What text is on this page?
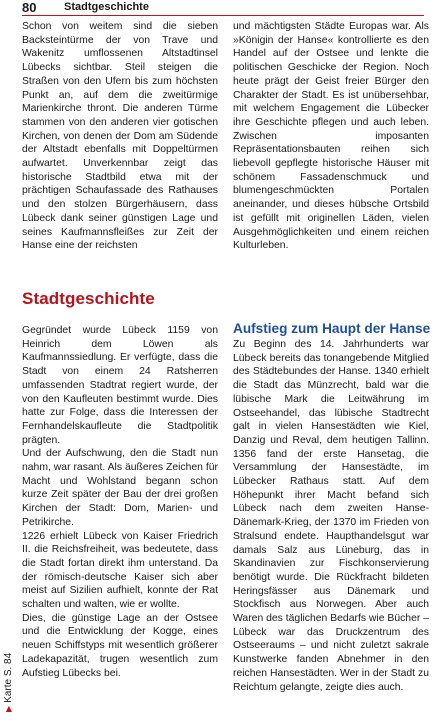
80	Stadtgeschichte

Schon von weitem sind die sieben Backsteintürme der von Trave und Wakenitz umflossenen Altstadtinsel Lübecks sichtbar. Steil steigen die Straßen von den Ufern bis zum höchsten Punkt an, auf dem die zweitürmige Marienkirche thront. Die anderen Türme stammen von den anderen vier gotischen Kirchen, von denen der Dom am Südende der Altstadt ebenfalls mit Doppeltürmen aufwartet. Unverkennbar zeigt das historische Stadtbild etwa mit der prächtigen Schaufassade des Rathauses und den stolzen Bürgerhäusern, dass Lübeck dank seiner günstigen Lage und seines Kaufmannsfleißes zur Zeit der Hanse eine der reichsten

und mächtigsten Städte Europas war. Als »Königin der Hanse« kontrollierte es den Handel auf der Ostsee und lenkte die politischen Geschicke der Region. Noch heute prägt der Geist freier Bürger den Charakter der Stadt. Es ist unübersehbar, mit welchem Engagement die Lübecker ihre Geschichte pflegen und auch leben. Zwischen imposanten Repräsentationsbauten reihen sich liebevoll gepflegte historische Häuser mit schönem Fassadenschmuck und blumengeschmückten Portalen aneinander, und dieses hübsche Ortsbild ist gefüllt mit originellen Läden, vielen Ausgehmöglichkeiten und einem reichen Kulturleben.

Stadtgeschichte

Gegründet wurde Lübeck 1159 von Heinrich dem Löwen als Kaufmannssiedlung. Er verfügte, dass die Stadt von einem 24 Ratsherren umfassenden Stadtrat regiert wurde, der von den Kaufleuten bestimmt wurde. Dies hatte zur Folge, dass die Interessen der Fernhandelskaufleute die Stadtpolitik prägten.

Und der Aufschwung, den die Stadt nun nahm, war rasant. Als äußeres Zeichen für Macht und Wohlstand begann schon kurze Zeit später der Bau der drei großen Kirchen der Stadt: Dom, Marien- und Petrikirche.

1226 erhielt Lübeck von Kaiser Friedrich II. die Reichsfreiheit, was bedeutete, dass die Stadt fortan direkt ihm unterstand. Da der römisch-deutsche Kaiser sich aber meist auf Sizilien aufhielt, konnte der Rat schalten und walten, wie er wollte.

Dies, die günstige Lage an der Ostsee und die Entwicklung der Kogge, eines neuen Schiffstyps mit wesentlich größerer Ladekapazität, trugen wesentlich zum Aufstieg Lübecks bei.

Aufstieg zum Haupt der Hanse

Zu Beginn des 14. Jahrhunderts war Lübeck bereits das tonangebende Mitglied des Städtebundes der Hanse. 1340 erhielt die Stadt das Münzrecht, bald war die lübische Mark die Leitwährung im Ostseehandel, das lübische Stadtrecht galt in vielen Hansestädten wie Kiel, Danzig und Reval, dem heutigen Tallinn. 1356 fand der erste Hansetag, die Versammlung der Hansestädte, im Lübecker Rathaus statt. Auf dem Höhepunkt ihrer Macht befand sich Lübeck nach dem zweiten Hanse-Dänemark-Krieg, der 1370 im Frieden von Stralsund endete. Haupthandelsgut war damals Salz aus Lüneburg, das in Skandinavien zur Fischkonservierung benötigt wurde. Die Rückfracht bildeten Heringsfässer aus Dänemark und Stockfisch aus Norwegen. Aber auch Waren des täglichen Bedarfs wie Bücher – Lübeck war das Druckzentrum des Ostseeraums – und nicht zuletzt sakrale Kunstwerke fanden Abnehmer in den reichen Hansestädten. Wer in der Stadt zu Reichtum gelangte, zeigte dies auch.

▶Karte S. 84
